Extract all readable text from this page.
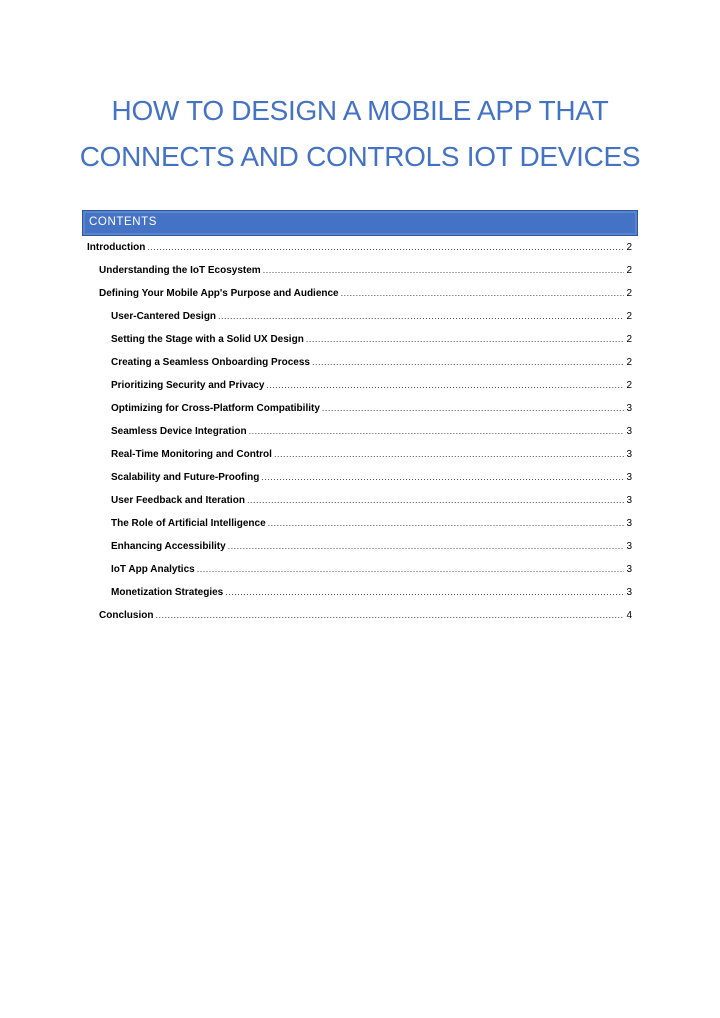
HOW TO DESIGN A MOBILE APP THAT
CONNECTS AND CONTROLS IOT DEVICES
CONTENTS
Introduction .....	2
Understanding the IoT Ecosystem .....	2
Defining Your Mobile App's Purpose and Audience .....	2
User-Cantered Design .....	2
Setting the Stage with a Solid UX Design .....	2
Creating a Seamless Onboarding Process .....	2
Prioritizing Security and Privacy .....	2
Optimizing for Cross-Platform Compatibility .....	3
Seamless Device Integration .....	3
Real-Time Monitoring and Control .....	3
Scalability and Future-Proofing .....	3
User Feedback and Iteration .....	3
The Role of Artificial Intelligence .....	3
Enhancing Accessibility .....	3
IoT App Analytics .....	3
Monetization Strategies .....	3
Conclusion .....	4
